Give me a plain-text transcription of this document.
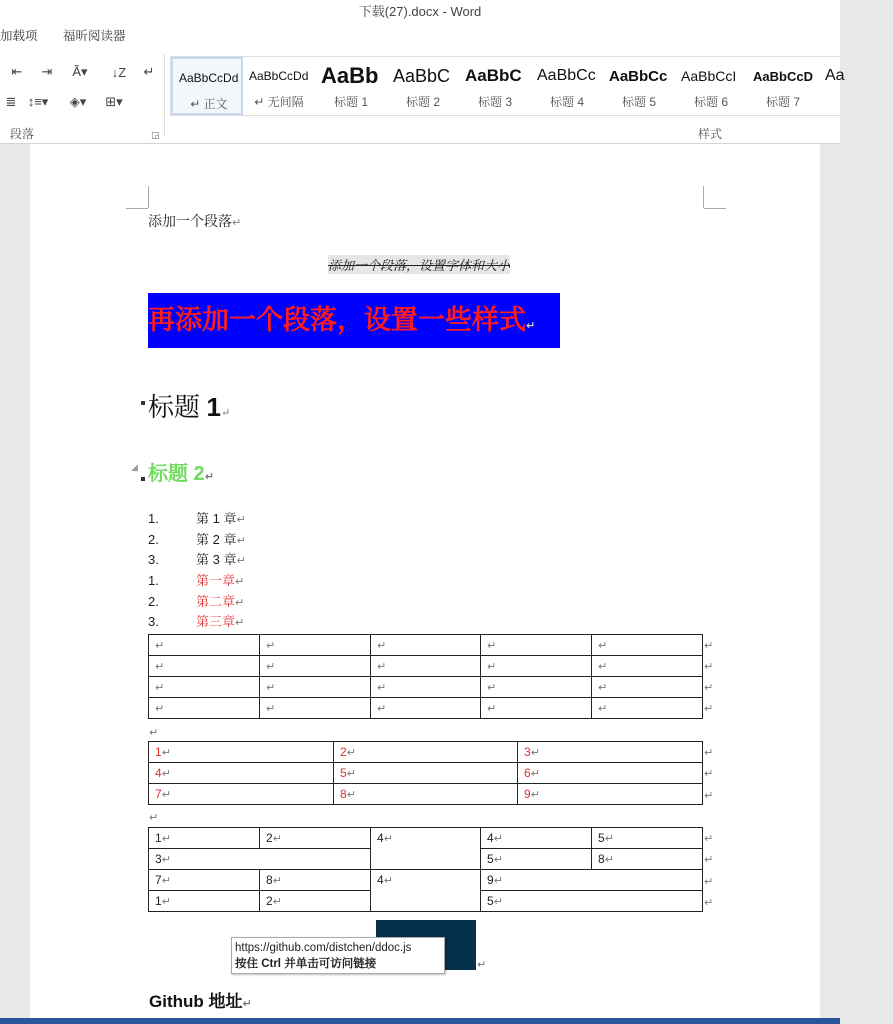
下载(27).docx - Word
加载项 福昕阅读器
⇤	⇥	A͂▾	↓Z	↵
≣ ↕≡▾	◈▾	⊞▾
段落	◲
AaBbCcDd
↵ 正文
AaBbCcDd
↵ 无间隔
AaBb
标题 1
AaBbC
标题 2
AaBbC
标题 3
AaBbCc
标题 4
AaBbCc
标题 5
AaBbCcI
标题 6
AaBbCcD
标题 7
Aa
样式
添加一个段落↵
添加一个段落，设置字体和大小
再添加一个段落，设置一些样式↵
标题 1↵
◢ 标题 2↵
1.	第 1 章↵
2.	第 2 章↵
3.	第 3 章↵
1.	第一章↵
2.	第二章↵
3.	第三章↵
↵	↵	↵	↵	↵
↵	↵	↵	↵	↵
↵	↵	↵	↵	↵
↵	↵	↵	↵	↵
↵
↵
↵
↵
↵
1↵	2↵	3↵
4↵	5↵	6↵
7↵	8↵	9↵
↵
↵
↵
↵
1↵	2↵	4↵	4↵	5↵
3↵			5↵	8↵
7↵	8↵	4↵	9↵	
1↵	2↵		5↵	
↵
↵
↵
↵
↵
https://github.com/distchen/ddoc.js
按住 Ctrl 并单击可访问链接
Github 地址↵
